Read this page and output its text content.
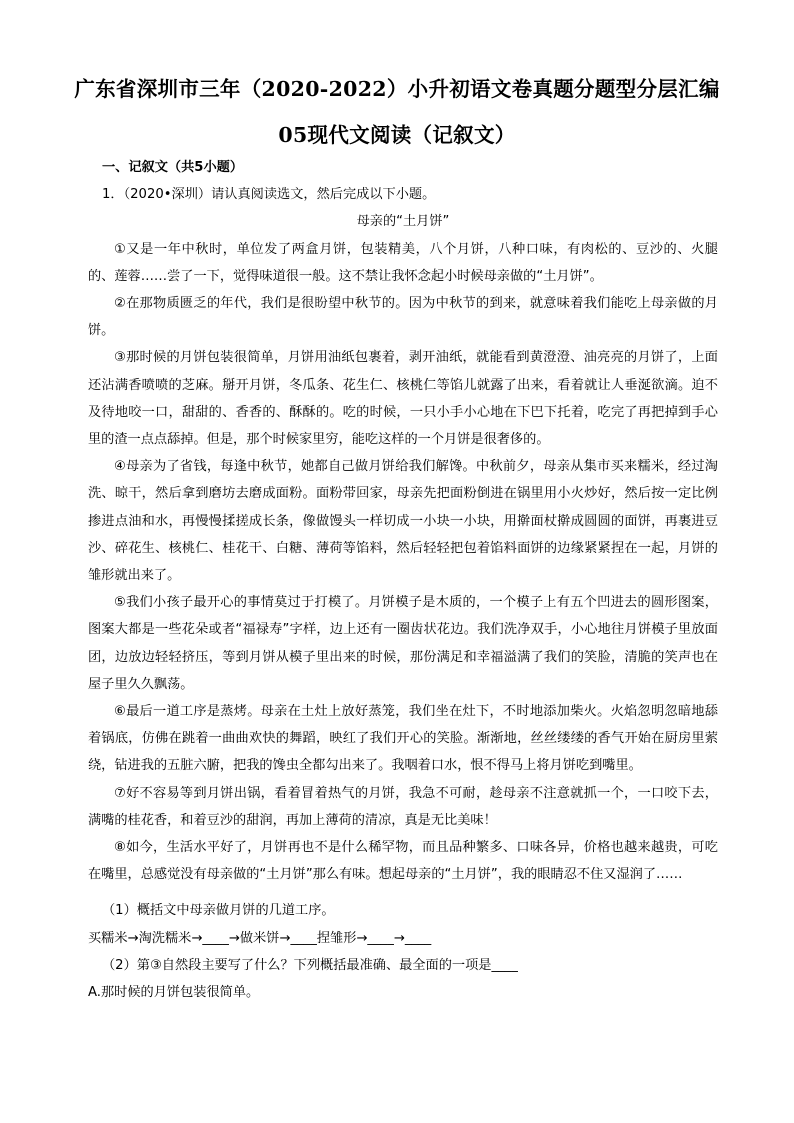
广东省深圳市三年（2020-2022）小升初语文卷真题分题型分层汇编
05现代文阅读（记叙文）

一、记叙文（共5小题）

1．（2020•深圳）请认真阅读选文，然后完成以下小题。

母亲的“土月饼”

①又是一年中秋时，单位发了两盒月饼，包装精美，八个月饼，八种口味，有肉松的、豆沙的、火腿的、莲蓉……尝了一下，觉得味道很一般。这不禁让我怀念起小时候母亲做的“土月饼”。

②在那物质匮乏的年代，我们是很盼望中秋节的。因为中秋节的到来，就意味着我们能吃上母亲做的月饼。

③那时候的月饼包装很简单，月饼用油纸包裹着，剥开油纸，就能看到黄澄澄、油亮亮的月饼了，上面还沾满香喷喷的芝麻。掰开月饼，冬瓜条、花生仁、核桃仁等馅儿就露了出来，看着就让人垂涎欲滴。迫不及待地咬一口，甜甜的、香香的、酥酥的。吃的时候，一只小手小心地在下巴下托着，吃完了再把掉到手心里的渣一点点舔掉。但是，那个时候家里穷，能吃这样的一个月饼是很奢侈的。

④母亲为了省钱，每逢中秋节，她都自己做月饼给我们解馋。中秋前夕，母亲从集市买来糯米，经过淘洗、晾干，然后拿到磨坊去磨成面粉。面粉带回家，母亲先把面粉倒进在锅里用小火炒好，然后按一定比例掺进点油和水，再慢慢揉搓成长条，像做馒头一样切成一小块一小块，用擀面杖擀成圆圆的面饼，再裹进豆沙、碎花生、核桃仁、桂花干、白糖、薄荷等馅料，然后轻轻把包着馅料面饼的边缘紧紧捏在一起，月饼的雏形就出来了。

⑤我们小孩子最开心的事情莫过于打模了。月饼模子是木质的，一个模子上有五个凹进去的圆形图案，图案大都是一些花朵或者“福禄寿”字样，边上还有一圈齿状花边。我们洗净双手，小心地往月饼模子里放面团，边放边轻轻挤压，等到月饼从模子里出来的时候，那份满足和幸福溢满了我们的笑脸，清脆的笑声也在屋子里久久飘荡。

⑥最后一道工序是蒸烤。母亲在土灶上放好蒸笼，我们坐在灶下，不时地添加柴火。火焰忽明忽暗地舔着锅底，仿佛在跳着一曲曲欢快的舞蹈，映红了我们开心的笑脸。渐渐地，丝丝缕缕的香气开始在厨房里萦绕，钻进我的五脏六腑，把我的馋虫全都勾出来了。我咽着口水，恨不得马上将月饼吃到嘴里。

⑦好不容易等到月饼出锅，看着冒着热气的月饼，我急不可耐，趁母亲不注意就抓一个，一口咬下去，满嘴的桂花香，和着豆沙的甜润，再加上薄荷的清凉，真是无比美味！

⑧如今，生活水平好了，月饼再也不是什么稀罕物，而且品种繁多、口味各异，价格也越来越贵，可吃在嘴里，总感觉没有母亲做的“土月饼”那么有味。想起母亲的“土月饼”，我的眼睛忍不住又湿润了……

（1）概括文中母亲做月饼的几道工序。

买糯米→淘洗糯米→____→做米饼→____捏雏形→____→____

（2）第③自然段主要写了什么？下列概括最准确、最全面的一项是____

A.那时候的月饼包装很简单。
